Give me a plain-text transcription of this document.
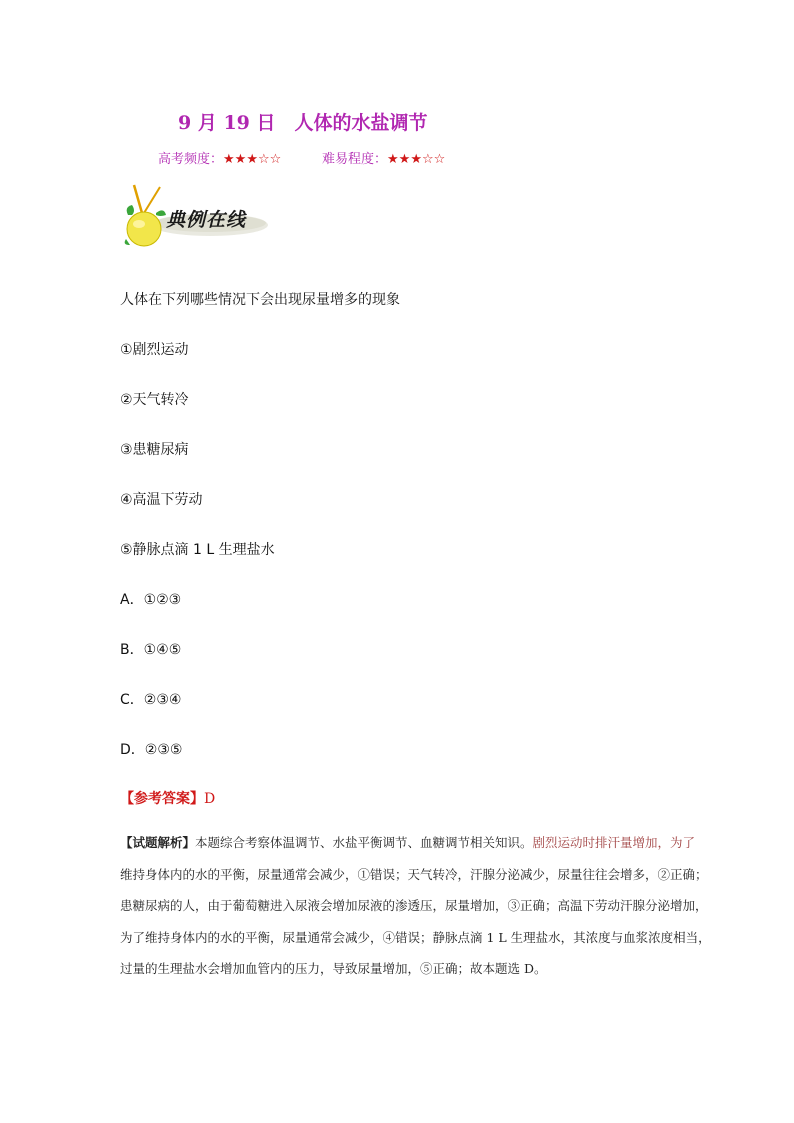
9 月 19 日　人体的水盐调节
高考频度：★★★☆☆	难易程度：★★★☆☆
典例在线
人体在下列哪些情况下会出现尿量增多的现象
①剧烈运动
②天气转冷
③患糖尿病
④高温下劳动
⑤静脉点滴 1 L 生理盐水
A．①②③
B．①④⑤
C．②③④
D．②③⑤
【参考答案】D
【试题解析】本题综合考察体温调节、水盐平衡调节、血糖调节相关知识。剧烈运动时排汗量增加，为了
维持身体内的水的平衡，尿量通常会减少，①错误；天气转冷，汗腺分泌减少，尿量往往会增多，②正确；
患糖尿病的人，由于葡萄糖进入尿液会增加尿液的渗透压，尿量增加，③正确；高温下劳动汗腺分泌增加，
为了维持身体内的水的平衡，尿量通常会减少，④错误；静脉点滴 1 L 生理盐水，其浓度与血浆浓度相当，
过量的生理盐水会增加血管内的压力，导致尿量增加，⑤正确；故本题选 D。
